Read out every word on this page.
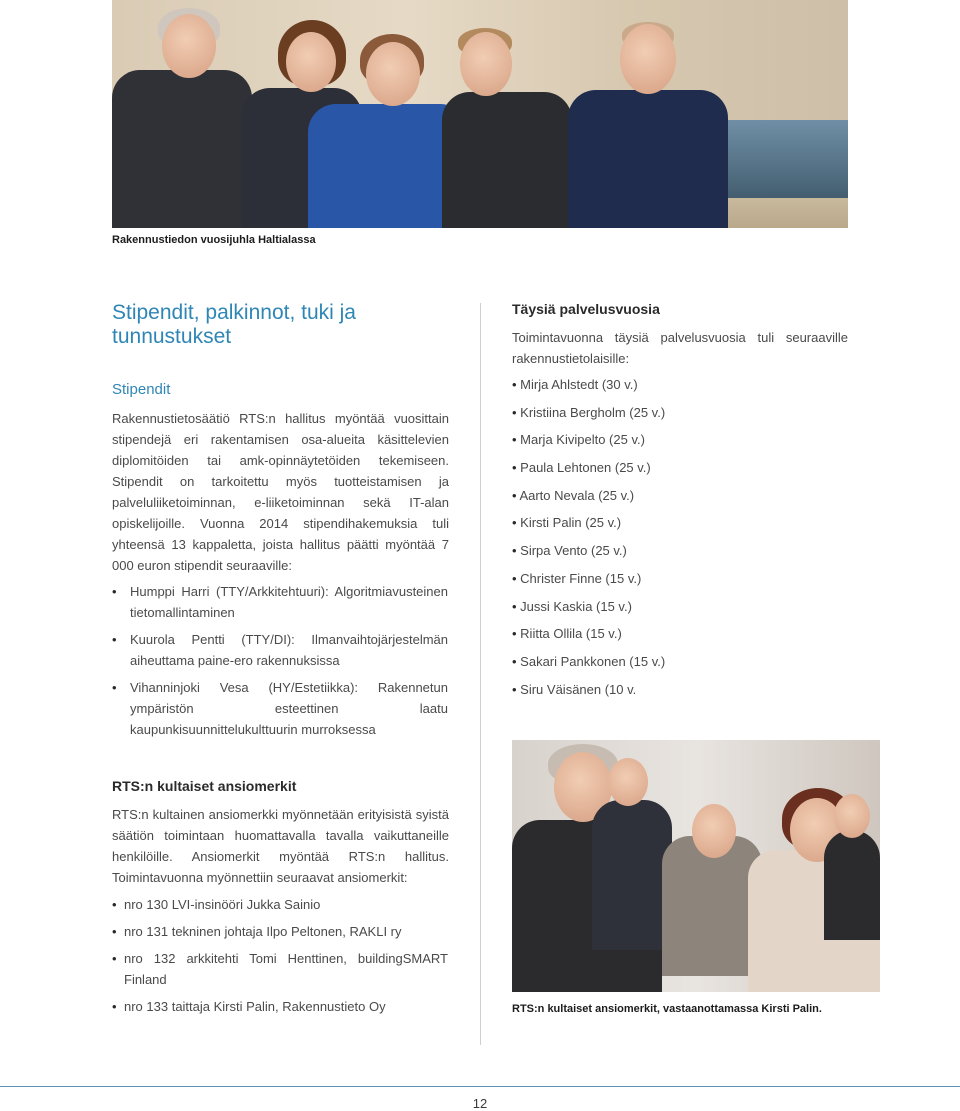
Rakennustiedon vuosijuhla Haltialassa
Stipendit, palkinnot, tuki ja
tunnustukset
Stipendit
Rakennustietosäätiö RTS:n hallitus myöntää vuosittain stipendejä eri rakentamisen osa-alueita käsittelevien diplomitöiden tai amk-opinnäytetöiden tekemiseen. Stipendit on tarkoitettu myös tuotteistamisen ja palveluliiketoiminnan, e-liiketoiminnan sekä IT-alan opiskelijoille. Vuonna 2014 stipendihakemuksia tuli yhteensä 13 kappaletta, joista hallitus päätti myöntää 7 000 euron stipendit seuraaville:
• Humppi Harri (TTY/Arkkitehtuuri): Algoritmiavusteinen tietomallintaminen
• Kuurola Pentti (TTY/DI): Ilmanvaihtojärjestelmän aiheuttama paine-ero rakennuksissa
• Vihanninjoki Vesa (HY/Estetiikka): Rakennetun ympäristön esteettinen laatu kaupunkisuunnittelukulttuurin murroksessa
RTS:n kultaiset ansiomerkit
RTS:n kultainen ansiomerkki myönnetään erityisistä syistä säätiön toimintaan huomattavalla tavalla vaikuttaneille henkilöille. Ansiomerkit myöntää RTS:n hallitus. Toimintavuonna myönnettiin seuraavat ansiomerkit:
• nro 130 LVI-insinööri Jukka Sainio
• nro 131 tekninen johtaja Ilpo Peltonen, RAKLI ry
• nro 132 arkkitehti Tomi Henttinen, buildingSMART Finland
• nro 133 taittaja Kirsti Palin, Rakennustieto Oy
Täysiä palvelusvuosia
Toimintavuonna täysiä palvelusvuosia tuli seuraaville rakennustietolaisille:
• Mirja Ahlstedt (30 v.)
• Kristiina Bergholm (25 v.)
• Marja Kivipelto (25 v.)
• Paula Lehtonen (25 v.)
• Aarto Nevala (25 v.)
• Kirsti Palin (25 v.)
• Sirpa Vento (25 v.)
• Christer Finne (15 v.)
• Jussi Kaskia (15 v.)
• Riitta Ollila (15 v.)
• Sakari Pankkonen (15 v.)
• Siru Väisänen (10 v.
RTS:n kultaiset ansiomerkit, vastaanottamassa Kirsti Palin.
12
